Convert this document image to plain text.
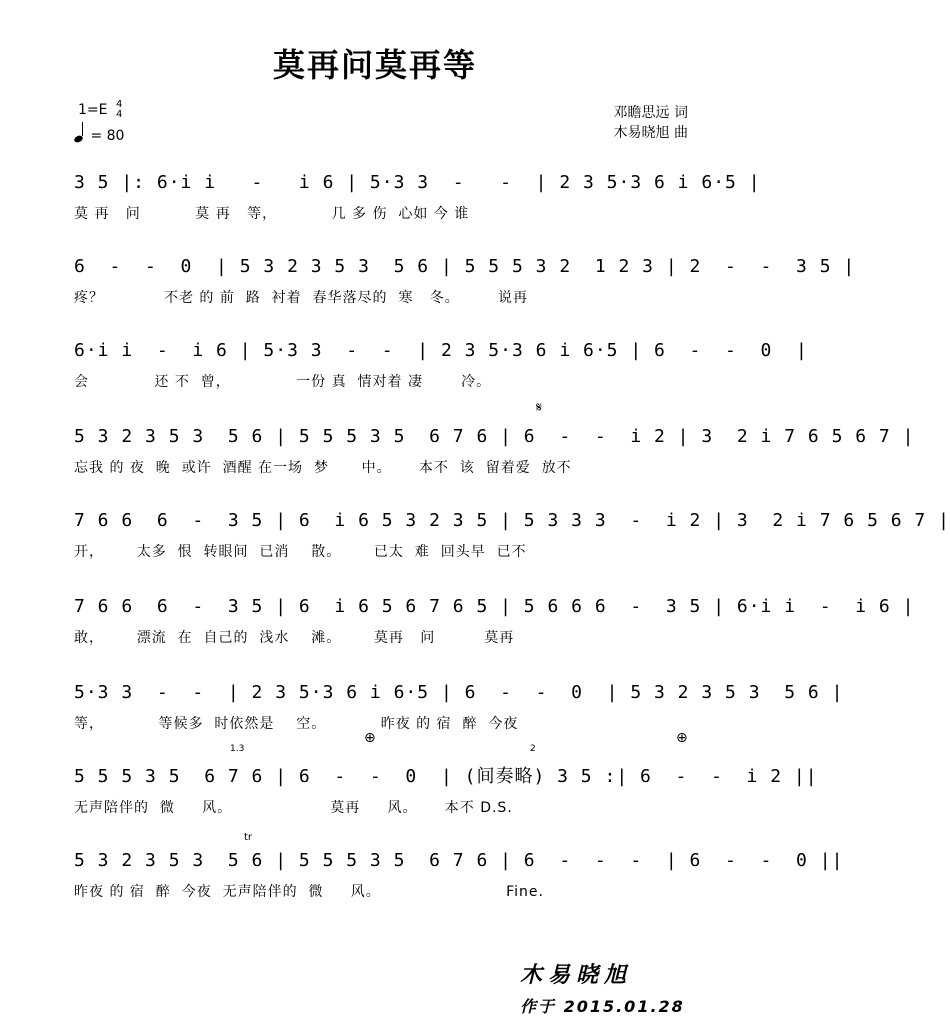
莫再问莫再等
1=E 4
4
= 80
邓瞻思远 词
木易晓旭 曲
3 5 |: 6·i i   -   i 6 | 5·3 3  -   -  | 2 3 5·3 6 i 6·5 |
莫 再   问          莫 再   等，          几 多 伤  心如 今 谁
6  -  -  0  | 5 3 2 3 5 3  5 6 | 5 5 5 3 2  1 2 3 | 2  -  -  3 5 |
疼？           不老 的 前  路  衬着  春华落尽的  寒   冬。       说再
6·i i  -  i 6 | 5·3 3  -  -  | 2 3 5·3 6 i 6·5 | 6  -  -  0  |
会            还 不  曾，            一份 真  情对着 凄       冷。
𝄋
5 3 2 3 5 3  5 6 | 5 5 5 3 5  6 7 6 | 6  -  -  i 2 | 3  2 i 7 6 5 6 7 |
忘我 的 夜  晚  或许  酒醒 在一场  梦      中。     本不  该  留着爱  放不
7 6 6  6  -  3 5 | 6  i 6 5 3 2 3 5 | 5 3 3 3  -  i 2 | 3  2 i 7 6 5 6 7 |
开，      太多  恨  转眼间  已消    散。      已太  难  回头早  已不
7 6 6  6  -  3 5 | 6  i 6 5 6 7 6 5 | 5 6 6 6  -  3 5 | 6·i i  -  i 6 |
敢，      漂流  在  自己的  浅水    滩。      莫再   问         莫再
5·3 3  -  -  | 2 3 5·3 6 i 6·5 | 6  -  -  0  | 5 3 2 3 5 3  5 6 |
等，          等候多  时依然是    空。          昨夜 的 宿  醉  今夜
⊕	⊕
1.3	2
5 5 5 3 5  6 7 6 | 6  -  -  0  | (间奏略) 3 5 :| 6  -  -  i 2 ||
无声陪伴的  微     风。                  莫再     风。     本不 D.S.
tr
5 3 2 3 5 3  5 6 | 5 5 5 3 5  6 7 6 | 6  -  -  -  | 6  -  -  0 ||
昨夜 的 宿  醉  今夜  无声陪伴的  微     风。                       Fine.
木易晓旭
作于 2015.01.28
